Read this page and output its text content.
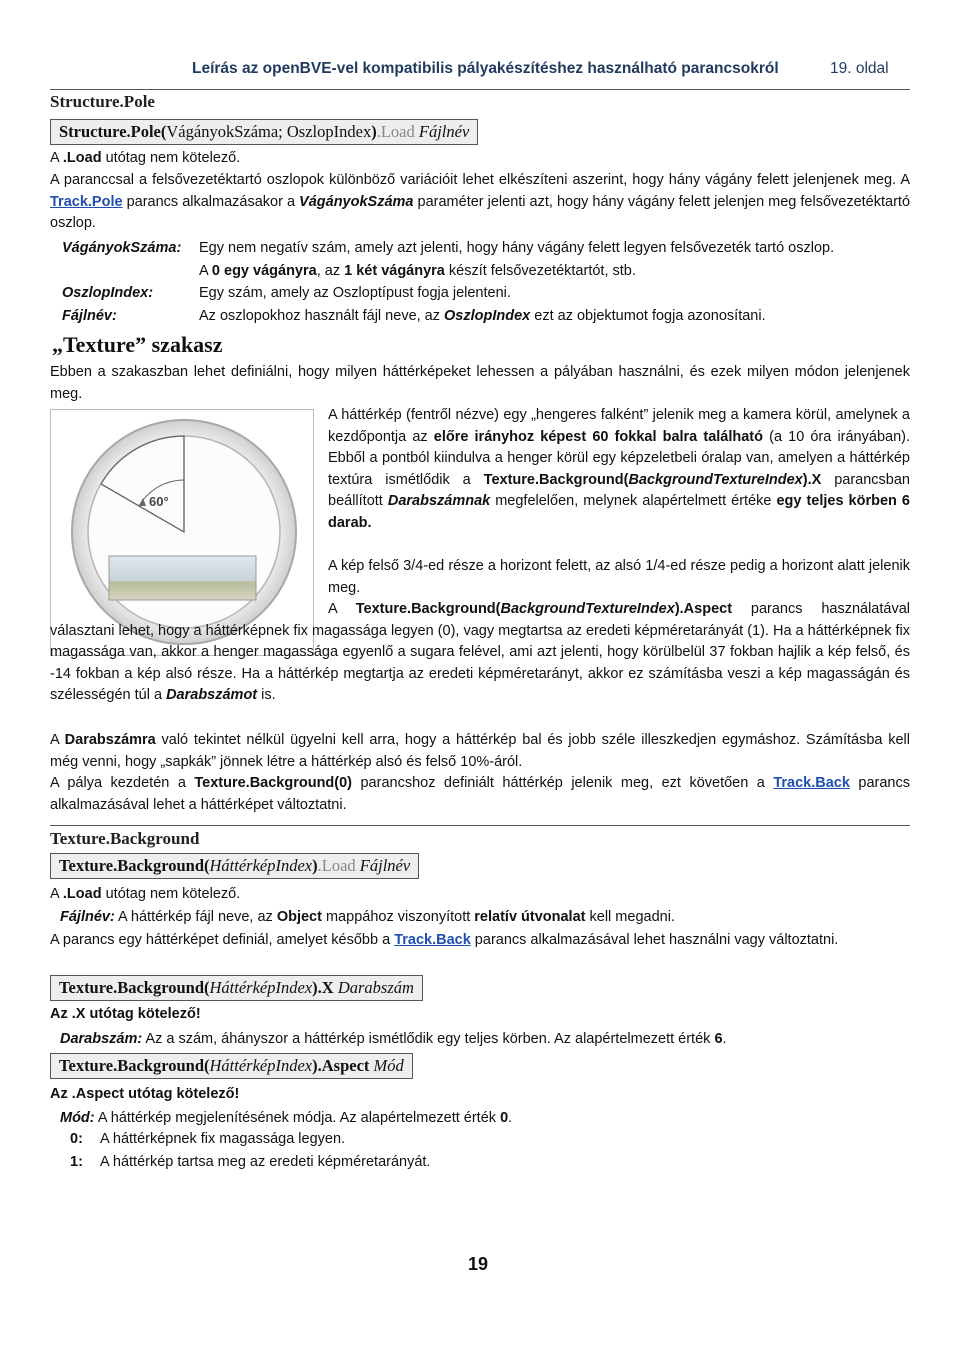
Leírás az openBVE-vel kompatibilis pályakészítéshez használható parancsokról	19. oldal
Structure.Pole
Structure.Pole(VágányokSzáma; OszlopIndex).Load Fájlnév
A .Load utótag nem kötelező.
A paranccsal a felsővezetéktartó oszlopok különböző variációit lehet elkészíteni aszerint, hogy hány vágány felett jelenjenek meg. A Track.Pole parancs alkalmazásakor a VágányokSzáma paraméter jelenti azt, hogy hány vágány felett jelenjen meg felsővezetéktartó oszlop.
VágányokSzáma:

OszlopIndex:
Fájlnév:
Egy nem negatív szám, amely azt jelenti, hogy hány vágány felett legyen felsővezeték tartó oszlop.
A 0 egy vágányra, az 1 két vágányra készít felsővezetéktartót, stb.
Egy szám, amely az Oszloptípust fogja jelenteni.
Az oszlopokhoz használt fájl neve, az OszlopIndex ezt az objektumot fogja azonosítani.
„Texture” szakasz
Ebben a szakaszban lehet definiálni, hogy milyen háttérképeket lehessen a pályában használni, és ezek milyen módon jelenjenek meg.
60°
A háttérkép (fentről nézve) egy „hengeres falként” jelenik meg a kamera körül, amelynek a kezdőpontja az előre irányhoz képest 60 fokkal balra található (a 10 óra irányában). Ebből a pontból kiindulva a henger körül egy képzeletbeli óralap van, amelyen a háttérkép textúra ismétlődik a Texture.Background(BackgroundTextureIndex).X parancsban beállított Darabszámnak megfelelően, melynek alapértelmett értéke egy teljes körben 6 darab.
A kép felső 3/4-ed része a horizont felett, az alsó 1/4-ed része pedig a horizont alatt jelenik meg.
A Texture.Background(BackgroundTextureIndex).Aspect parancs használatával választani lehet, hogy a háttérképnek fix magassága legyen (0), vagy megtartsa az eredeti képméretarányát (1). Ha a háttérképnek fix magassága van, akkor a henger magassága egyenlő a sugara felével, ami azt jelenti, hogy körülbelül 37 fokban hajlik a kép felső, és -14 fokban a kép alsó része. Ha a háttérkép megtartja az eredeti képméretarányt, akkor ez számításba veszi a kép magasságán és szélességén túl a Darabszámot is.
A Darabszámra való tekintet nélkül ügyelni kell arra, hogy a háttérkép bal és jobb széle illeszkedjen egymáshoz. Számításba kell még venni, hogy „sapkák” jönnek létre a háttérkép alsó és felső 10%-áról.
A pálya kezdetén a Texture.Background(0) parancshoz definiált háttérkép jelenik meg, ezt követően a Track.Back parancs alkalmazásával lehet a háttérképet változtatni.
Texture.Background
Texture.Background(HáttérképIndex).Load Fájlnév
A .Load utótag nem kötelező.
Fájlnév: A háttérkép fájl neve, az Object mappához viszonyított relatív útvonalat kell megadni.
A parancs egy háttérképet definiál, amelyet később a Track.Back parancs alkalmazásával lehet használni vagy változtatni.
Texture.Background(HáttérképIndex).X Darabszám
Az .X utótag kötelező!
Darabszám: Az a szám, áhányszor a háttérkép ismétlődik egy teljes körben. Az alapértelmezett érték 6.
Texture.Background(HáttérképIndex).Aspect Mód
Az .Aspect utótag kötelező!
Mód: A háttérkép megjelenítésének módja. Az alapértelmezett érték 0.
0: A háttérképnek fix magassága legyen.
1: A háttérkép tartsa meg az eredeti képméretarányát.
19
